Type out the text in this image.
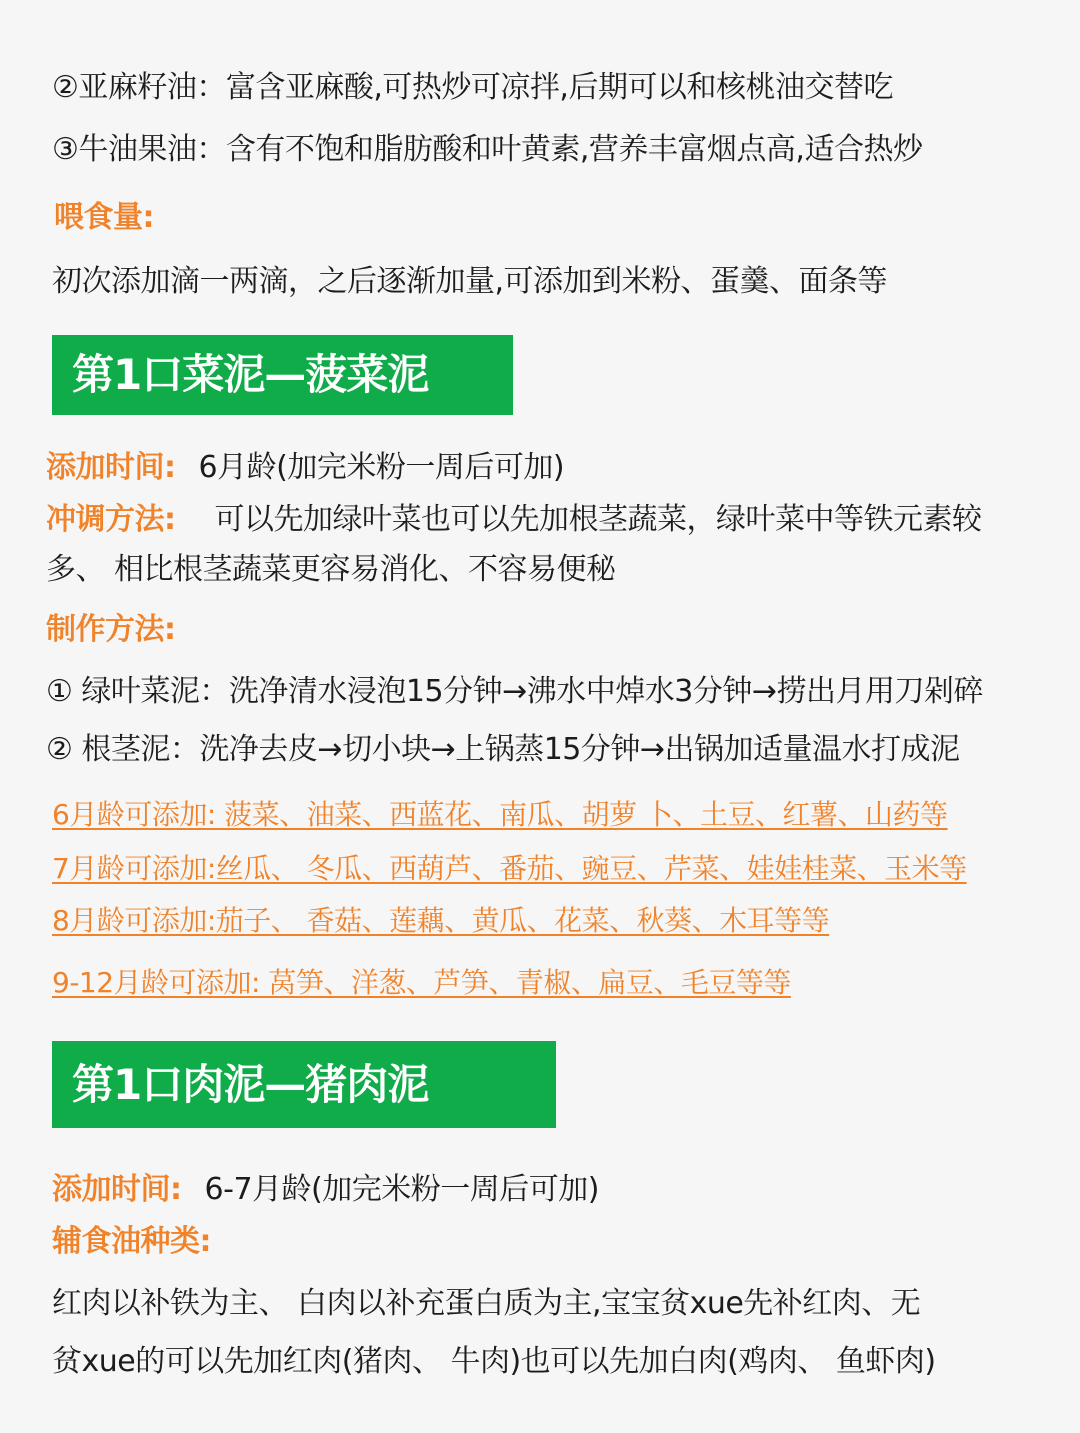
②亚麻籽油：富含亚麻酸,可热炒可凉拌,后期可以和核桃油交替吃
③牛油果油：含有不饱和脂肪酸和叶黄素,营养丰富烟点高,适合热炒
喂食量:
初次添加滴一两滴，之后逐渐加量,可添加到米粉、蛋羹、面条等
第1口菜泥—菠菜泥
添加时间: 6月龄(加完米粉一周后可加)
冲调方法: 可以先加绿叶菜也可以先加根茎蔬菜，绿叶菜中等铁元素较
多、 相比根茎蔬菜更容易消化、不容易便秘
制作方法:
① 绿叶菜泥：洗净清水浸泡15分钟→沸水中焯水3分钟→捞出月用刀剁碎
② 根茎泥：洗净去皮→切小块→上锅蒸15分钟→出锅加适量温水打成泥
6月龄可添加: 菠菜、油菜、西蓝花、南瓜、胡萝 卜、土豆、红薯、山药等
7月龄可添加:丝瓜、 冬瓜、西葫芦、番茄、豌豆、芹菜、娃娃桂菜、玉米等
8月龄可添加:茄子、 香菇、莲藕、黄瓜、花菜、秋葵、木耳等等
9-12月龄可添加: 莴笋、洋葱、芦笋、青椒、扁豆、毛豆等等
第1口肉泥—猪肉泥
添加时间: 6-7月龄(加完米粉一周后可加)
辅食油种类:
红肉以补铁为主、 白肉以补充蛋白质为主,宝宝贫xue先补红肉、无
贫xue的可以先加红肉(猪肉、 牛肉)也可以先加白肉(鸡肉、 鱼虾肉)
